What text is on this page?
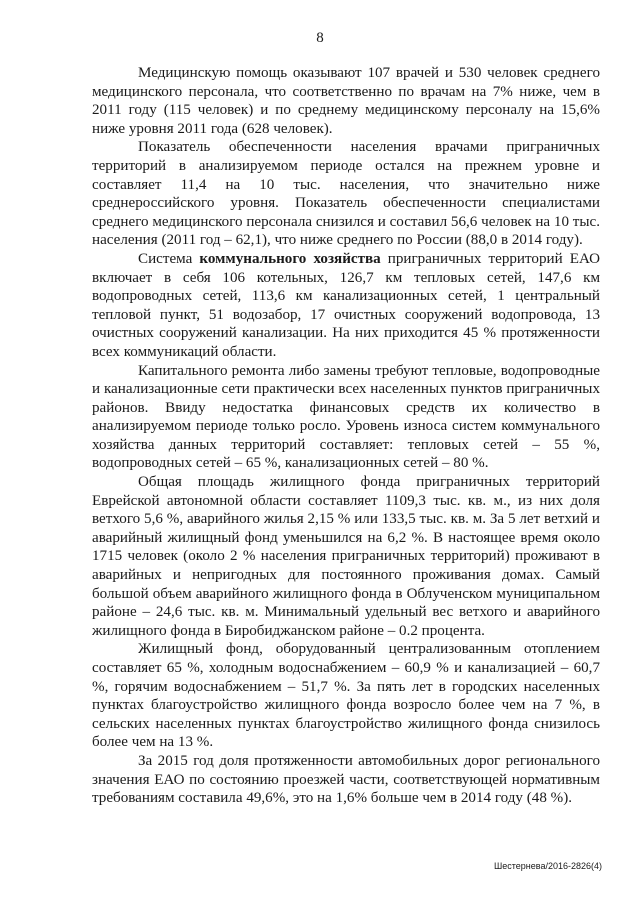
8

Медицинскую помощь оказывают 107 врачей и 530 человек среднего медицинского персонала, что соответственно по врачам на 7% ниже, чем в 2011 году (115 человек) и по среднему медицинскому персоналу на 15,6% ниже уровня 2011 года (628 человек).

Показатель обеспеченности населения врачами приграничных территорий в анализируемом периоде остался на прежнем уровне и составляет 11,4 на 10 тыс. населения, что значительно ниже среднероссийского уровня. Показатель обеспеченности специалистами среднего медицинского персонала снизился и составил 56,6 человек на 10 тыс. населения (2011 год – 62,1), что ниже среднего по России (88,0 в 2014 году).

Система коммунального хозяйства приграничных территорий ЕАО включает в себя 106 котельных, 126,7 км тепловых сетей, 147,6 км водопроводных сетей, 113,6 км канализационных сетей, 1 центральный тепловой пункт, 51 водозабор, 17 очистных сооружений водопровода, 13 очистных сооружений канализации. На них приходится 45 % протяженности всех коммуникаций области.

Капитального ремонта либо замены требуют тепловые, водопроводные и канализационные сети практически всех населенных пунктов приграничных районов. Ввиду недостатка финансовых средств их количество в анализируемом периоде только росло. Уровень износа систем коммунального хозяйства данных территорий составляет: тепловых сетей – 55 %, водопроводных сетей – 65 %, канализационных сетей – 80 %.

Общая площадь жилищного фонда приграничных территорий Еврейской автономной области составляет 1109,3 тыс. кв. м., из них доля ветхого 5,6 %, аварийного жилья 2,15 % или 133,5 тыс. кв. м. За 5 лет ветхий и аварийный жилищный фонд уменьшился на 6,2 %. В настоящее время около 1715 человек (около 2 % населения приграничных территорий) проживают в аварийных и непригодных для постоянного проживания домах. Самый большой объем аварийного жилищного фонда в Облученском муниципальном районе – 24,6 тыс. кв. м. Минимальный удельный вес ветхого и аварийного жилищного фонда в Биробиджанском районе – 0.2 процента.

Жилищный фонд, оборудованный централизованным отоплением составляет 65 %, холодным водоснабжением – 60,9 % и канализацией – 60,7 %, горячим водоснабжением – 51,7 %. За пять лет в городских населенных пунктах благоустройство жилищного фонда возросло более чем на 7 %, в сельских населенных пунктах благоустройство жилищного фонда снизилось более чем на 13 %.

За 2015 год доля протяженности автомобильных дорог регионального значения ЕАО по состоянию проезжей части, соответствующей нормативным требованиям составила 49,6%, это на 1,6% больше чем в 2014 году (48 %).

Шестернева/2016-2826(4)
